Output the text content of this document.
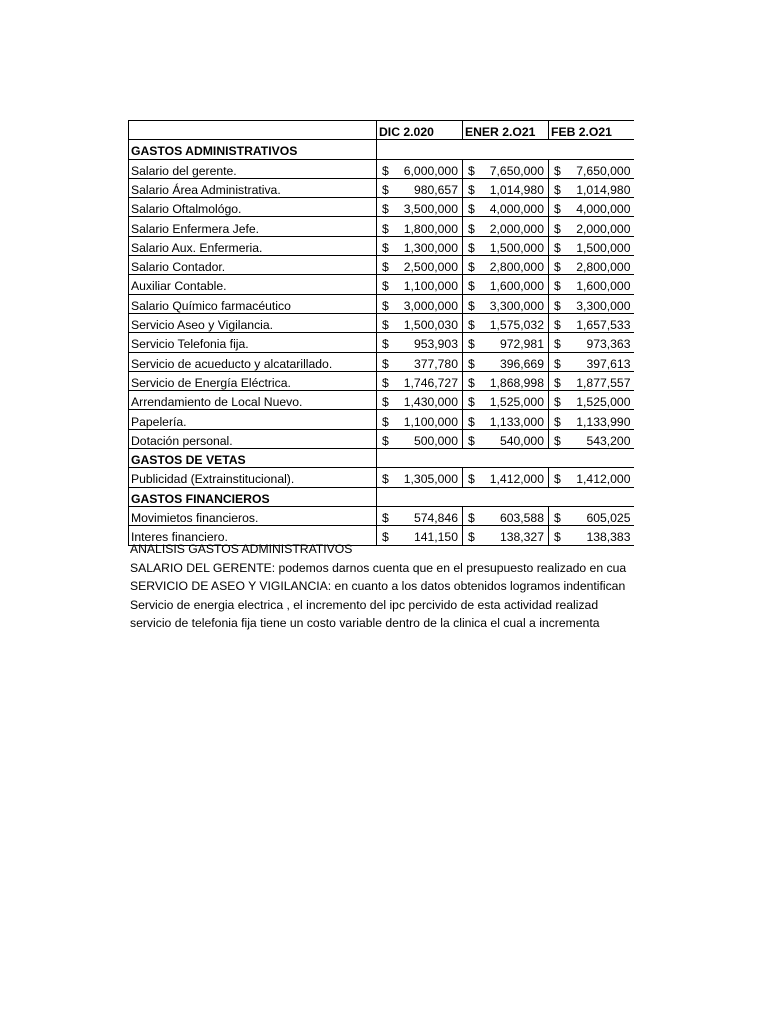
	DIC 2.020	ENER 2.O21	FEB 2.O21
GASTOS ADMINISTRATIVOS			
Salario del gerente.	$ 6,000,000	$ 7,650,000	$ 7,650,000
Salario Área Administrativa.	$ 980,657	$ 1,014,980	$ 1,014,980
Salario Oftalmológo.	$ 3,500,000	$ 4,000,000	$ 4,000,000
Salario Enfermera Jefe.	$ 1,800,000	$ 2,000,000	$ 2,000,000
Salario Aux. Enfermeria.	$ 1,300,000	$ 1,500,000	$ 1,500,000
Salario Contador.	$ 2,500,000	$ 2,800,000	$ 2,800,000
Auxiliar Contable.	$ 1,100,000	$ 1,600,000	$ 1,600,000
Salario Químico farmacéutico	$ 3,000,000	$ 3,300,000	$ 3,300,000
Servicio Aseo y Vigilancia.	$ 1,500,030	$ 1,575,032	$ 1,657,533
Servicio Telefonia fija.	$ 953,903	$ 972,981	$ 973,363
Servicio de acueducto y alcatarillado.	$ 377,780	$ 396,669	$ 397,613
Servicio de Energía Eléctrica.	$ 1,746,727	$ 1,868,998	$ 1,877,557
Arrendamiento de Local Nuevo.	$ 1,430,000	$ 1,525,000	$ 1,525,000
Papelería.	$ 1,100,000	$ 1,133,000	$ 1,133,990
Dotación personal.	$ 500,000	$ 540,000	$ 543,200
GASTOS DE VETAS			
Publicidad (Extrainstitucional).	$ 1,305,000	$ 1,412,000	$ 1,412,000
GASTOS FINANCIEROS			
Movimietos financieros.	$ 574,846	$ 603,588	$ 605,025
Interes financiero.	$ 141,150	$ 138,327	$ 138,383
ANALISIS GASTOS ADMINISTRATIVOS
SALARIO DEL GERENTE: podemos darnos cuenta que en el presupuesto realizado en cua
SERVICIO DE ASEO Y VIGILANCIA: en cuanto a los datos obtenidos logramos indentifican
Servicio de energia electrica , el incremento del ipc percivido de esta actividad realizad
servicio de telefonia fija tiene un costo variable dentro de la clinica el cual a incrementa
